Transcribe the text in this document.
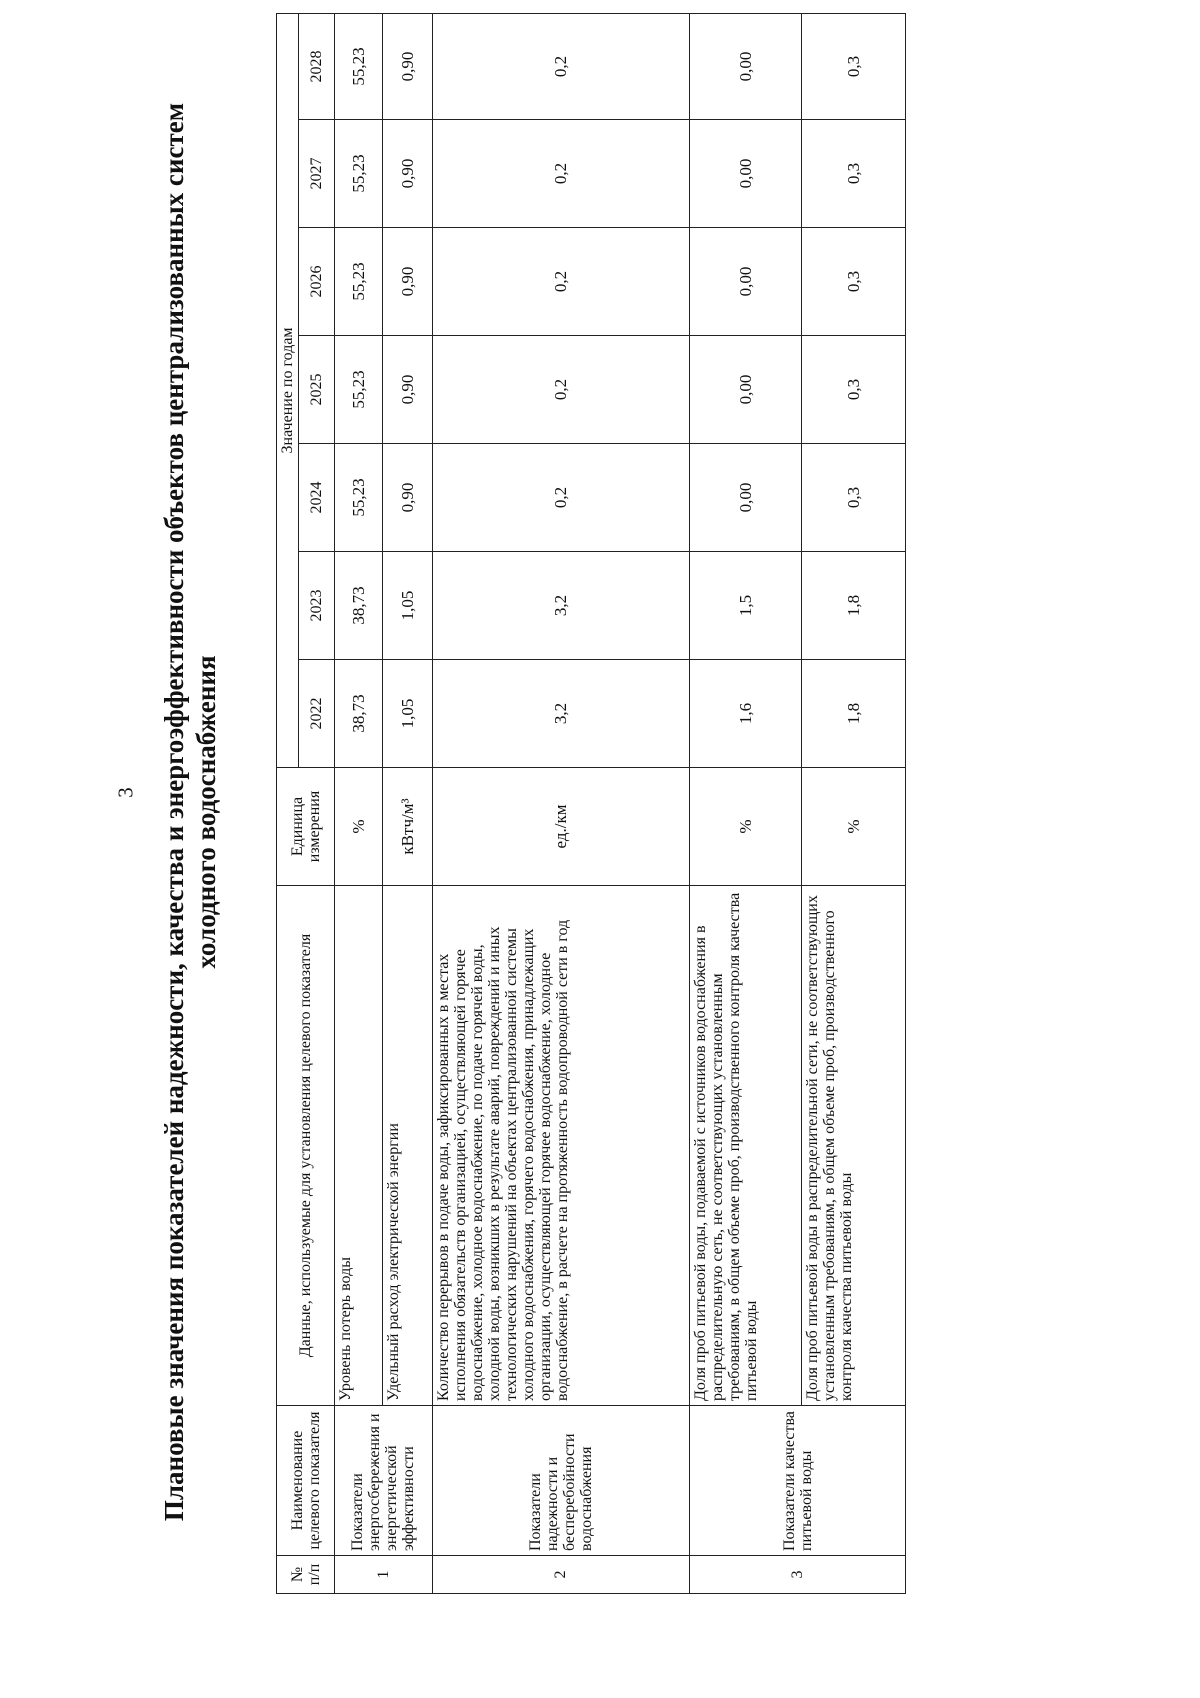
3 Плановые значения показателей надежности, качества и энергоэффективности объектов централизованных систем холодного водоснабжения
№ п/п	Наименование целевого показателя	Данные, используемые для установления целевого показателя	Единица измерения	Значение по годам						
				2022	2023	2024	2025	2026	2027	2028
1	Показатели энергосбережения и энергетической эффективности	Уровень потерь воды	%	38,73	38,73	55,23	55,23	55,23	55,23	55,23
		Удельный расход электрической энергии	кВтч/м³	1,05	1,05	0,90	0,90	0,90	0,90	0,90
2	Показатели надежности и бесперебойности водоснабжения	Количество перерывов в подаче воды, зафиксированных в местах исполнения обязательств организацией, осуществляющей горячее водоснабжение, холодное водоснабжение, по подаче горячей воды, холодной воды, возникших в результате аварий, повреждений и иных технологических нарушений на объектах централизованной системы холодного водоснабжения, горячего водоснабжения, принадлежащих организации, осуществляющей горячее водоснабжение, холодное водоснабжение, в расчете на протяженность водопроводной сети в год	ед./км	3,2	3,2	0,2	0,2	0,2	0,2	0,2
3	Показатели качества питьевой воды	Доля проб питьевой воды, подаваемой с источников водоснабжения в распределительную сеть, не соответствующих установленным требованиям, в общем объеме проб, производственного контроля качества питьевой воды	%	1,6	1,5	0,00	0,00	0,00	0,00	0,00
		Доля проб питьевой воды в распределительной сети, не соответствующих установленным требованиям, в общем объеме проб, производственного контроля качества питьевой воды	%	1,8	1,8	0,3	0,3	0,3	0,3	0,3
